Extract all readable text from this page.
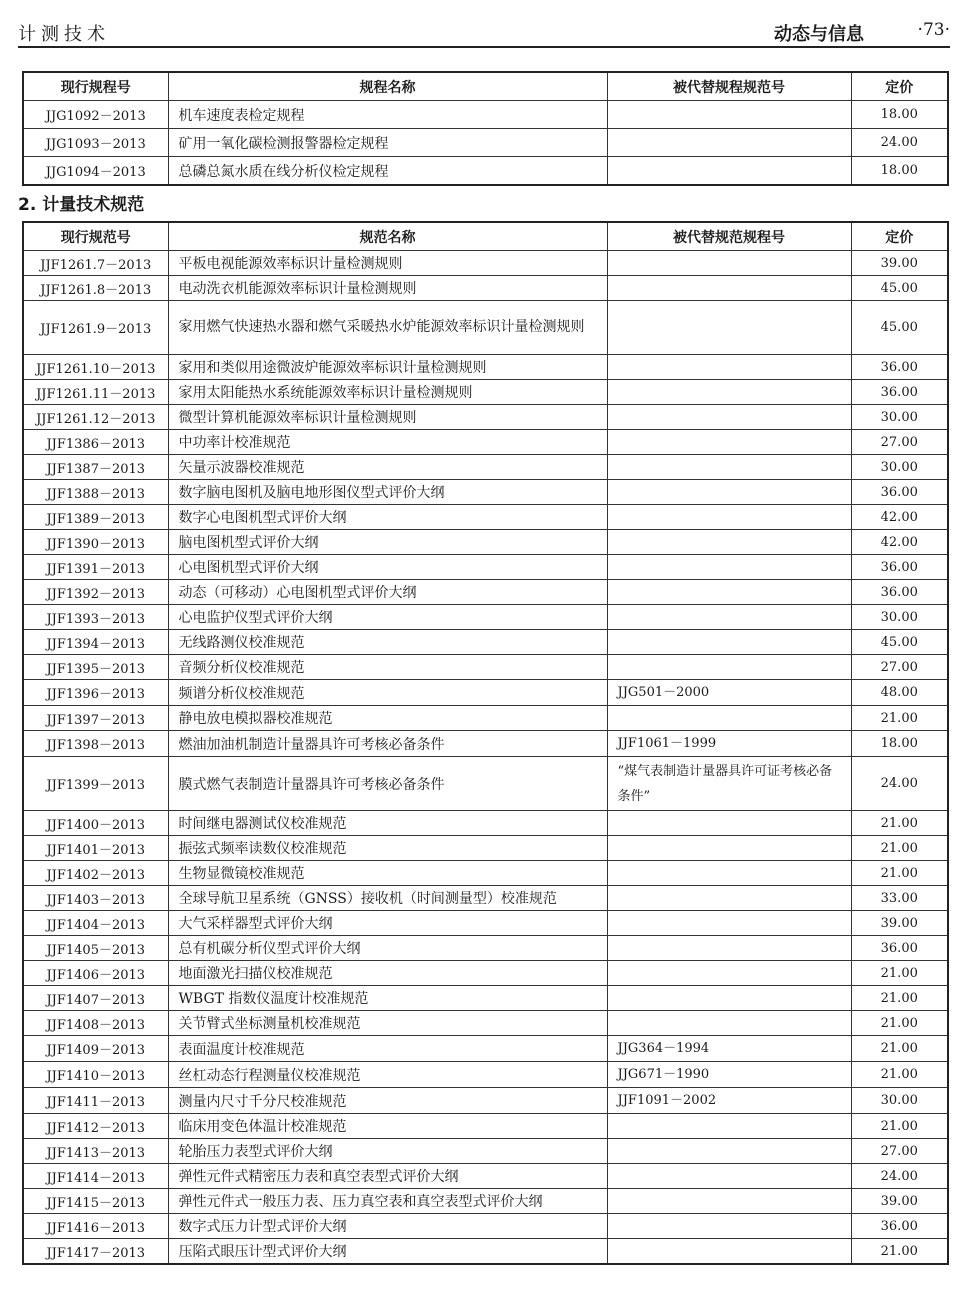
计测技术	动态与信息	·73·
现行规程号	规程名称	被代替规程规范号	定价
JJG1092－2013	机车速度表检定规程		18.00
JJG1093－2013	矿用一氧化碳检测报警器检定规程		24.00
JJG1094－2013	总磷总氮水质在线分析仪检定规程		18.00
2. 计量技术规范
现行规范号	规范名称	被代替规范规程号	定价
JJF1261.7－2013	平板电视能源效率标识计量检测规则		39.00
JJF1261.8－2013	电动洗衣机能源效率标识计量检测规则		45.00
JJF1261.9－2013	家用燃气快速热水器和燃气采暖热水炉能源效率标识计量检测规则		45.00
JJF1261.10－2013	家用和类似用途微波炉能源效率标识计量检测规则		36.00
JJF1261.11－2013	家用太阳能热水系统能源效率标识计量检测规则		36.00
JJF1261.12－2013	微型计算机能源效率标识计量检测规则		30.00
JJF1386－2013	中功率计校准规范		27.00
JJF1387－2013	矢量示波器校准规范		30.00
JJF1388－2013	数字脑电图机及脑电地形图仪型式评价大纲		36.00
JJF1389－2013	数字心电图机型式评价大纲		42.00
JJF1390－2013	脑电图机型式评价大纲		42.00
JJF1391－2013	心电图机型式评价大纲		36.00
JJF1392－2013	动态（可移动）心电图机型式评价大纲		36.00
JJF1393－2013	心电监护仪型式评价大纲		30.00
JJF1394－2013	无线路测仪校准规范		45.00
JJF1395－2013	音频分析仪校准规范		27.00
JJF1396－2013	频谱分析仪校准规范	JJG501－2000	48.00
JJF1397－2013	静电放电模拟器校准规范		21.00
JJF1398－2013	燃油加油机制造计量器具许可考核必备条件	JJF1061－1999	18.00
JJF1399－2013	膜式燃气表制造计量器具许可考核必备条件	“煤气表制造计量器具许可证考核必备条件”	24.00
JJF1400－2013	时间继电器测试仪校准规范		21.00
JJF1401－2013	振弦式频率读数仪校准规范		21.00
JJF1402－2013	生物显微镜校准规范		21.00
JJF1403－2013	全球导航卫星系统（GNSS）接收机（时间测量型）校准规范		33.00
JJF1404－2013	大气采样器型式评价大纲		39.00
JJF1405－2013	总有机碳分析仪型式评价大纲		36.00
JJF1406－2013	地面激光扫描仪校准规范		21.00
JJF1407－2013	WBGT 指数仪温度计校准规范		21.00
JJF1408－2013	关节臂式坐标测量机校准规范		21.00
JJF1409－2013	表面温度计校准规范	JJG364－1994	21.00
JJF1410－2013	丝杠动态行程测量仪校准规范	JJG671－1990	21.00
JJF1411－2013	测量内尺寸千分尺校准规范	JJF1091－2002	30.00
JJF1412－2013	临床用变色体温计校准规范		21.00
JJF1413－2013	轮胎压力表型式评价大纲		27.00
JJF1414－2013	弹性元件式精密压力表和真空表型式评价大纲		24.00
JJF1415－2013	弹性元件式一般压力表、压力真空表和真空表型式评价大纲		39.00
JJF1416－2013	数字式压力计型式评价大纲		36.00
JJF1417－2013	压陷式眼压计型式评价大纲		21.00
